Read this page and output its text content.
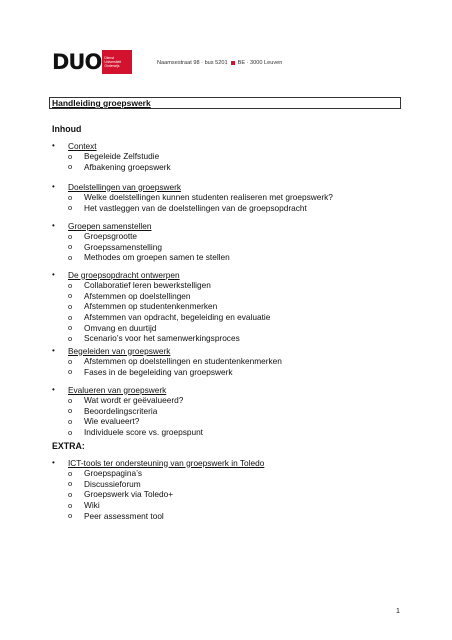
DUO Dienst
Universiteit
Onderwijs
Naamsestraat 98 · bus 5201 BE · 3000 Leuven
Handleiding groepswerk
Inhoud
•	Context
o	Begeleide Zelfstudie
o	Afbakening groepswerk
•	Doelstellingen van groepswerk
o	Welke doelstellingen kunnen studenten realiseren met groepswerk?
o	Het vastleggen van de doelstellingen van de groepsopdracht
•	Groepen samenstellen
o	Groepsgrootte
o	Groepssamenstelling
o	Methodes om groepen samen te stellen
•	De groepsopdracht ontwerpen
o	Collaboratief leren bewerkstelligen
o	Afstemmen op doelstellingen
o	Afstemmen op studentenkenmerken
o	Afstemmen van opdracht, begeleiding en evaluatie
o	Omvang en duurtijd
o	Scenario’s voor het samenwerkingsproces
•	Begeleiden van groepswerk
o	Afstemmen op doelstellingen en studentenkenmerken
o	Fases in de begeleiding van groepswerk
•	Evalueren van groepswerk
o	Wat wordt er geëvalueerd?
o	Beoordelingscriteria
o	Wie evalueert?
o	Individuele score vs. groepspunt
EXTRA:
•	ICT-tools ter ondersteuning van groepswerk in Toledo
o	Groepspagina’s
o	Discussieforum
o	Groepswerk via Toledo+
o	Wiki
o	Peer assessment tool
1
